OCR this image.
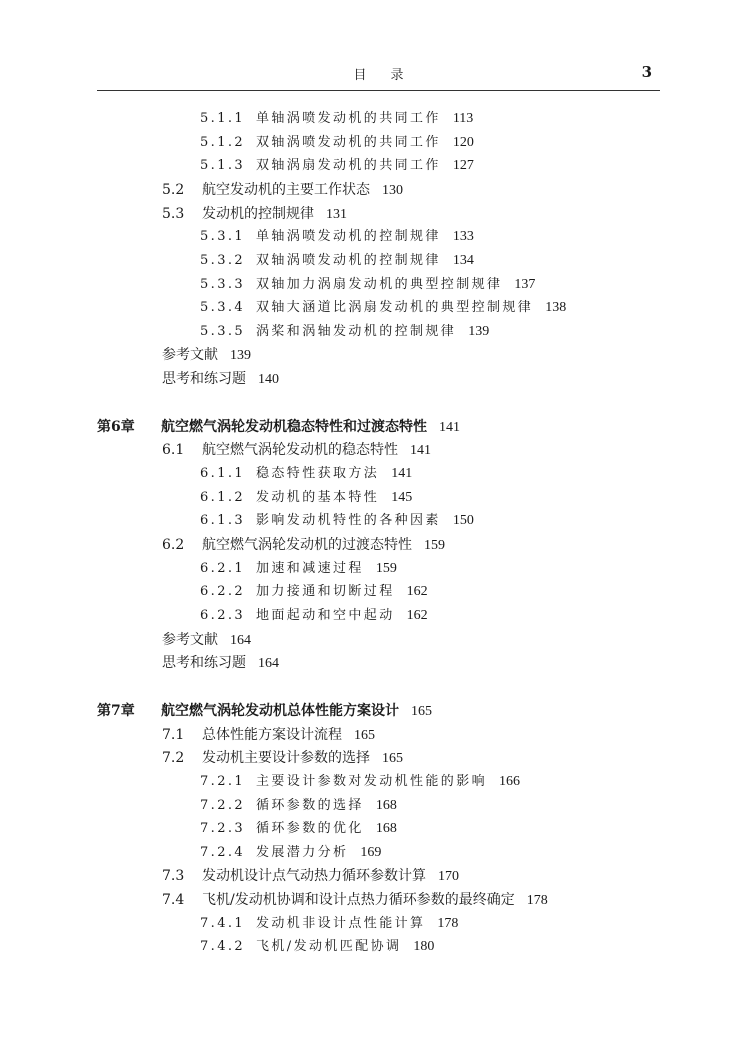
目录	3
5.1.1 单轴涡喷发动机的共同工作 113
5.1.2 双轴涡喷发动机的共同工作 120
5.1.3 双轴涡扇发动机的共同工作 127
5.2 航空发动机的主要工作状态 130
5.3 发动机的控制规律 131
5.3.1 单轴涡喷发动机的控制规律 133
5.3.2 双轴涡喷发动机的控制规律 134
5.3.3 双轴加力涡扇发动机的典型控制规律 137
5.3.4 双轴大涵道比涡扇发动机的典型控制规律 138
5.3.5 涡桨和涡轴发动机的控制规律 139
参考文献 139
思考和练习题 140
第6章 航空燃气涡轮发动机稳态特性和过渡态特性 141
6.1 航空燃气涡轮发动机的稳态特性 141
6.1.1 稳态特性获取方法 141
6.1.2 发动机的基本特性 145
6.1.3 影响发动机特性的各种因素 150
6.2 航空燃气涡轮发动机的过渡态特性 159
6.2.1 加速和减速过程 159
6.2.2 加力接通和切断过程 162
6.2.3 地面起动和空中起动 162
参考文献 164
思考和练习题 164
第7章 航空燃气涡轮发动机总体性能方案设计 165
7.1 总体性能方案设计流程 165
7.2 发动机主要设计参数的选择 165
7.2.1 主要设计参数对发动机性能的影响 166
7.2.2 循环参数的选择 168
7.2.3 循环参数的优化 168
7.2.4 发展潜力分析 169
7.3 发动机设计点气动热力循环参数计算 170
7.4 飞机/发动机协调和设计点热力循环参数的最终确定 178
7.4.1 发动机非设计点性能计算 178
7.4.2 飞机/发动机匹配协调 180
